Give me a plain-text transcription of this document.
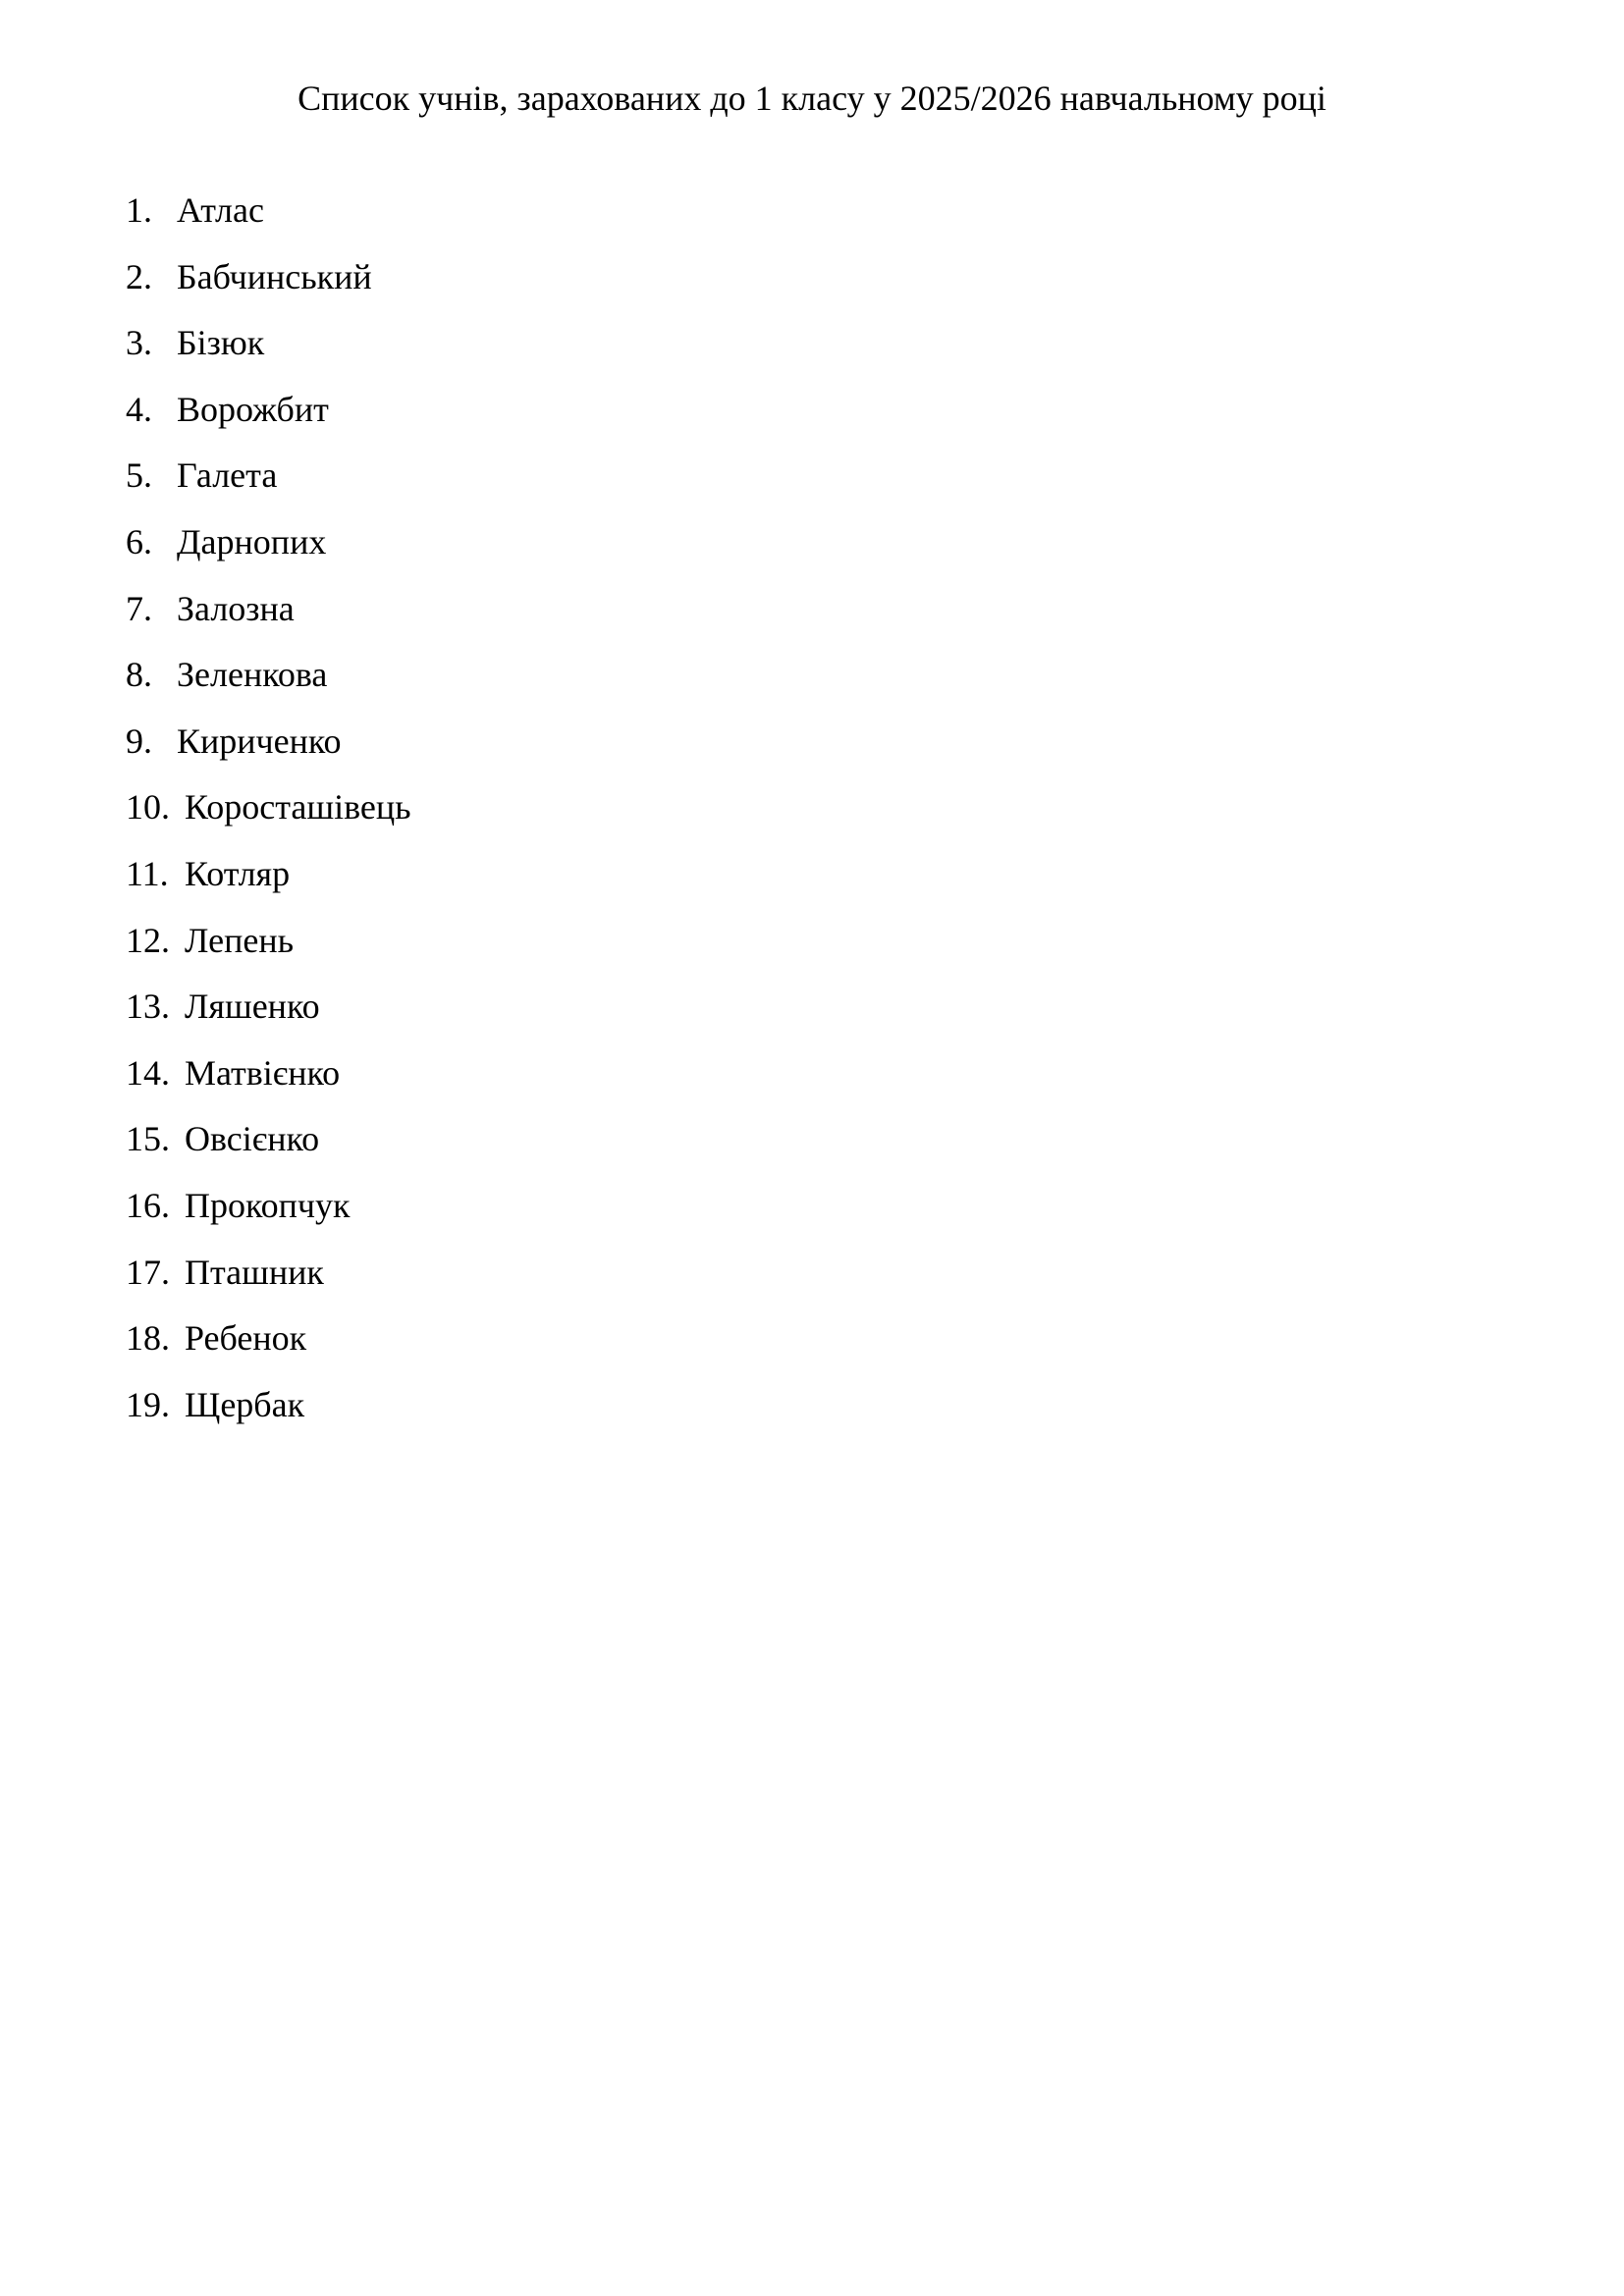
Список учнів, зарахованих до 1 класу у 2025/2026 навчальному році
1. Атлас
2. Бабчинський
3. Бізюк
4. Ворожбит
5. Галета
6. Дарнопих
7. Залозна
8. Зеленкова
9. Кириченко
10. Короcташівець
11. Котляр
12. Лепень
13. Ляшенко
14. Матвієнко
15. Овсієнко
16. Прокопчук
17. Пташник
18. Ребенок
19. Щербак
